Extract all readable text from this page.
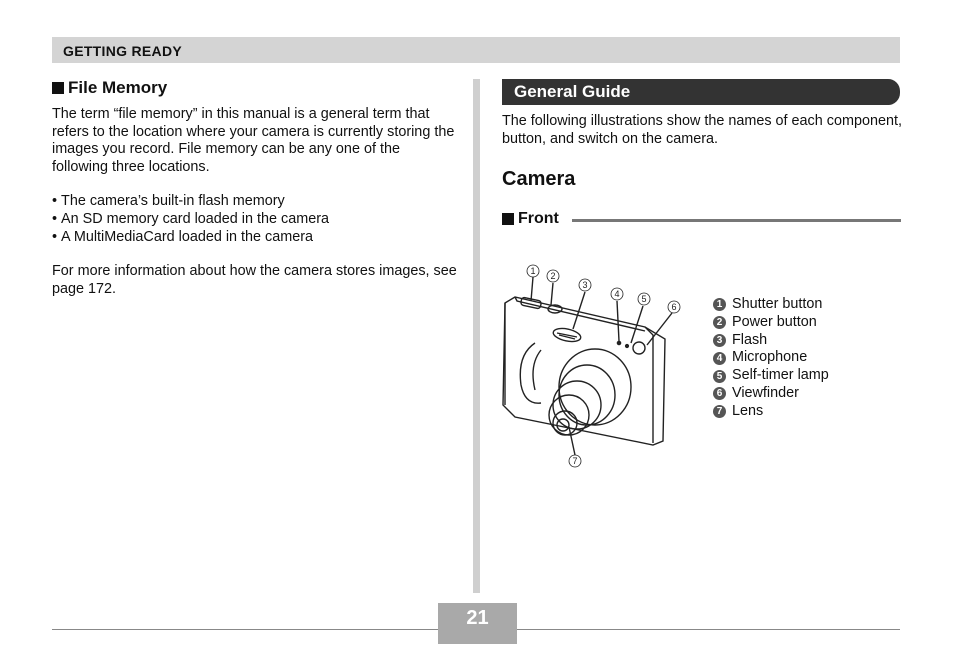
GETTING READY
File Memory

The term “file memory” in this manual is a general term that refers to the location where your camera is currently storing the images you record. File memory can be any one of the following three locations.

• The camera’s built-in flash memory
• An SD memory card loaded in the camera
• A MultiMediaCard loaded in the camera

For more information about how the camera stores images, see page 172.

General Guide

The following illustrations show the names of each component, button, and switch on the camera.

Camera
Front
1 2
3
4 5
6
7
1 Shutter button
2 Power button
3 Flash
4 Microphone
5 Self-timer lamp
6 Viewfinder
7 Lens
21
